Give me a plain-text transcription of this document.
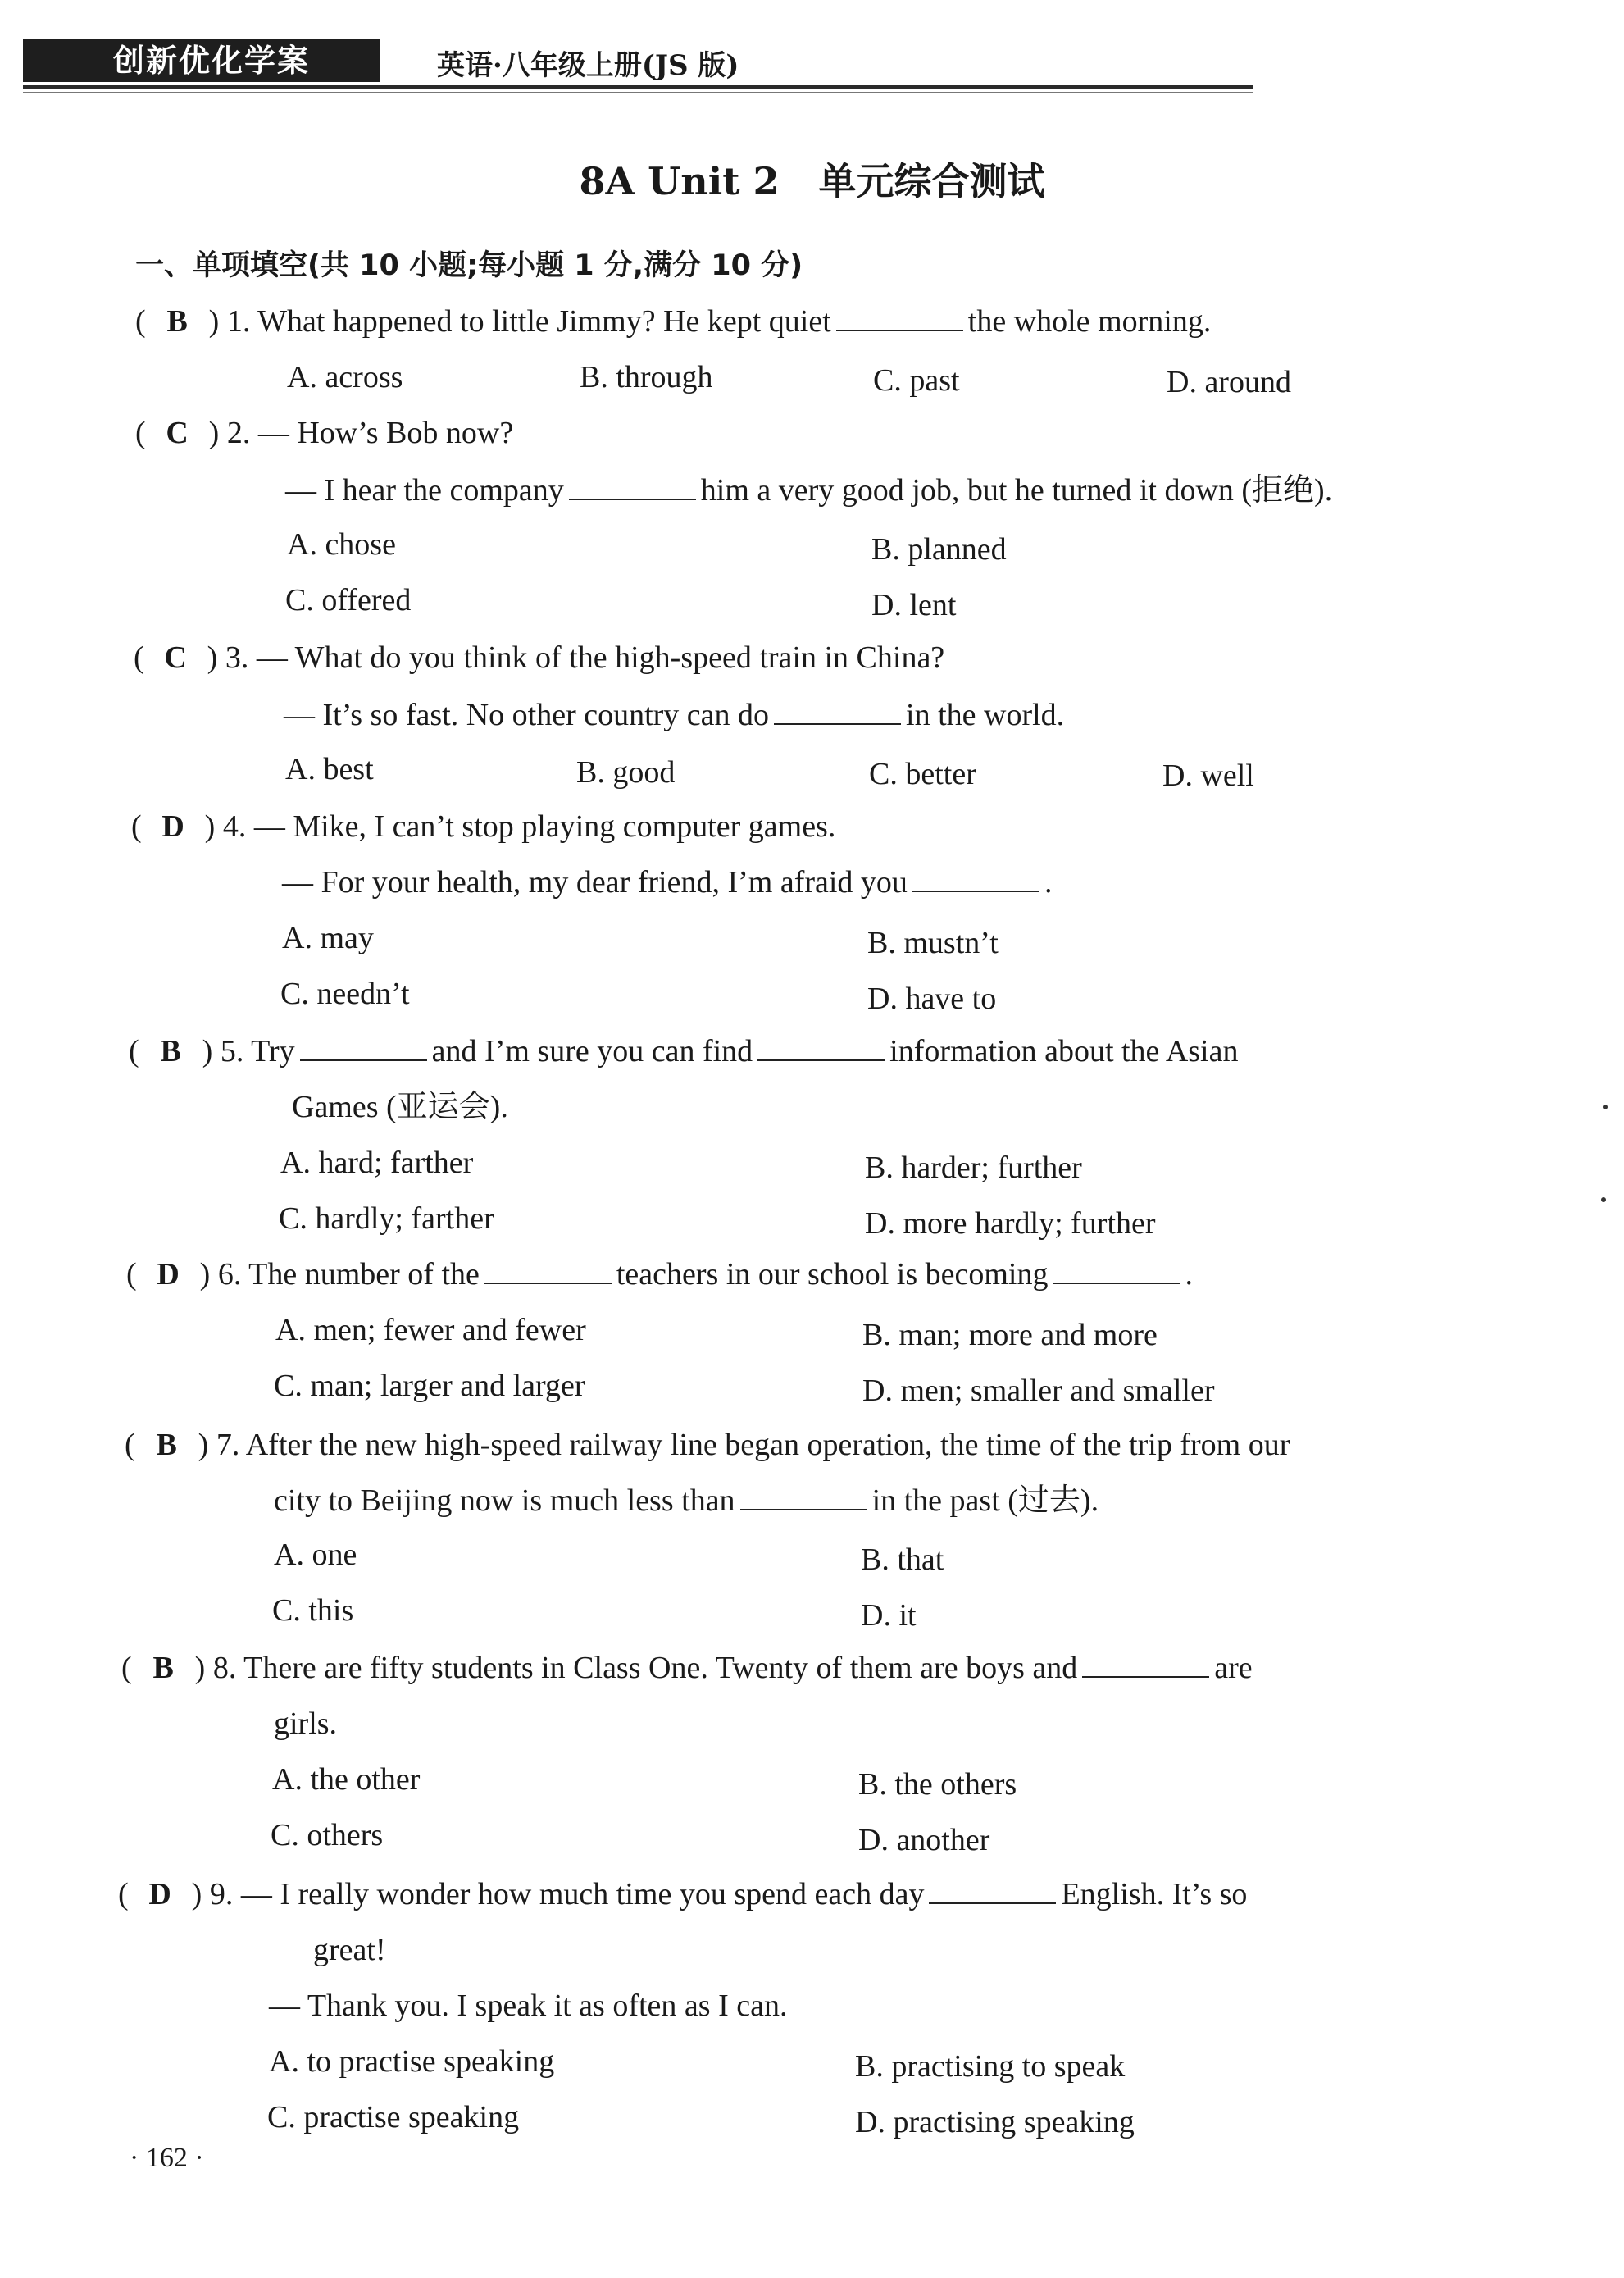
创新优化学案	英语·八年级上册(JS 版)
8A Unit 2   单元综合测试
一、单项填空(共 10 小题;每小题 1 分,满分 10 分)
( B ) 1. What happened to little Jimmy? He kept quiet	the whole morning.
A. across	B. through	C. past	D. around
( C ) 2. — How’s Bob now?
— I hear the company	him a very good job, but he turned it down (拒绝).
A. chose	B. planned
C. offered	D. lent
( C ) 3. — What do you think of the high-speed train in China?
— It’s so fast. No other country can do	in the world.
A. best	B. good	C. better	D. well
( D ) 4. — Mike, I can’t stop playing computer games.
— For your health, my dear friend, I’m afraid you	.
A. may	B. mustn’t
C. needn’t	D. have to
( B ) 5. Try	and I’m sure you can find	information about the Asian
Games (亚运会).
A. hard; farther	B. harder; further
C. hardly; farther	D. more hardly; further
( D ) 6. The number of the	teachers in our school is becoming	.
A. men; fewer and fewer	B. man; more and more
C. man; larger and larger	D. men; smaller and smaller
( B ) 7. After the new high-speed railway line began operation, the time of the trip from our
city to Beijing now is much less than	in the past (过去).
A. one	B. that
C. this	D. it
( B ) 8. There are fifty students in Class One. Twenty of them are boys and	are
girls.
A. the other	B. the others
C. others	D. another
( D ) 9. — I really wonder how much time you spend each day	English. It’s so
great!
— Thank you. I speak it as often as I can.
A. to practise speaking	B. practising to speak
C. practise speaking	D. practising speaking
· 162 ·
